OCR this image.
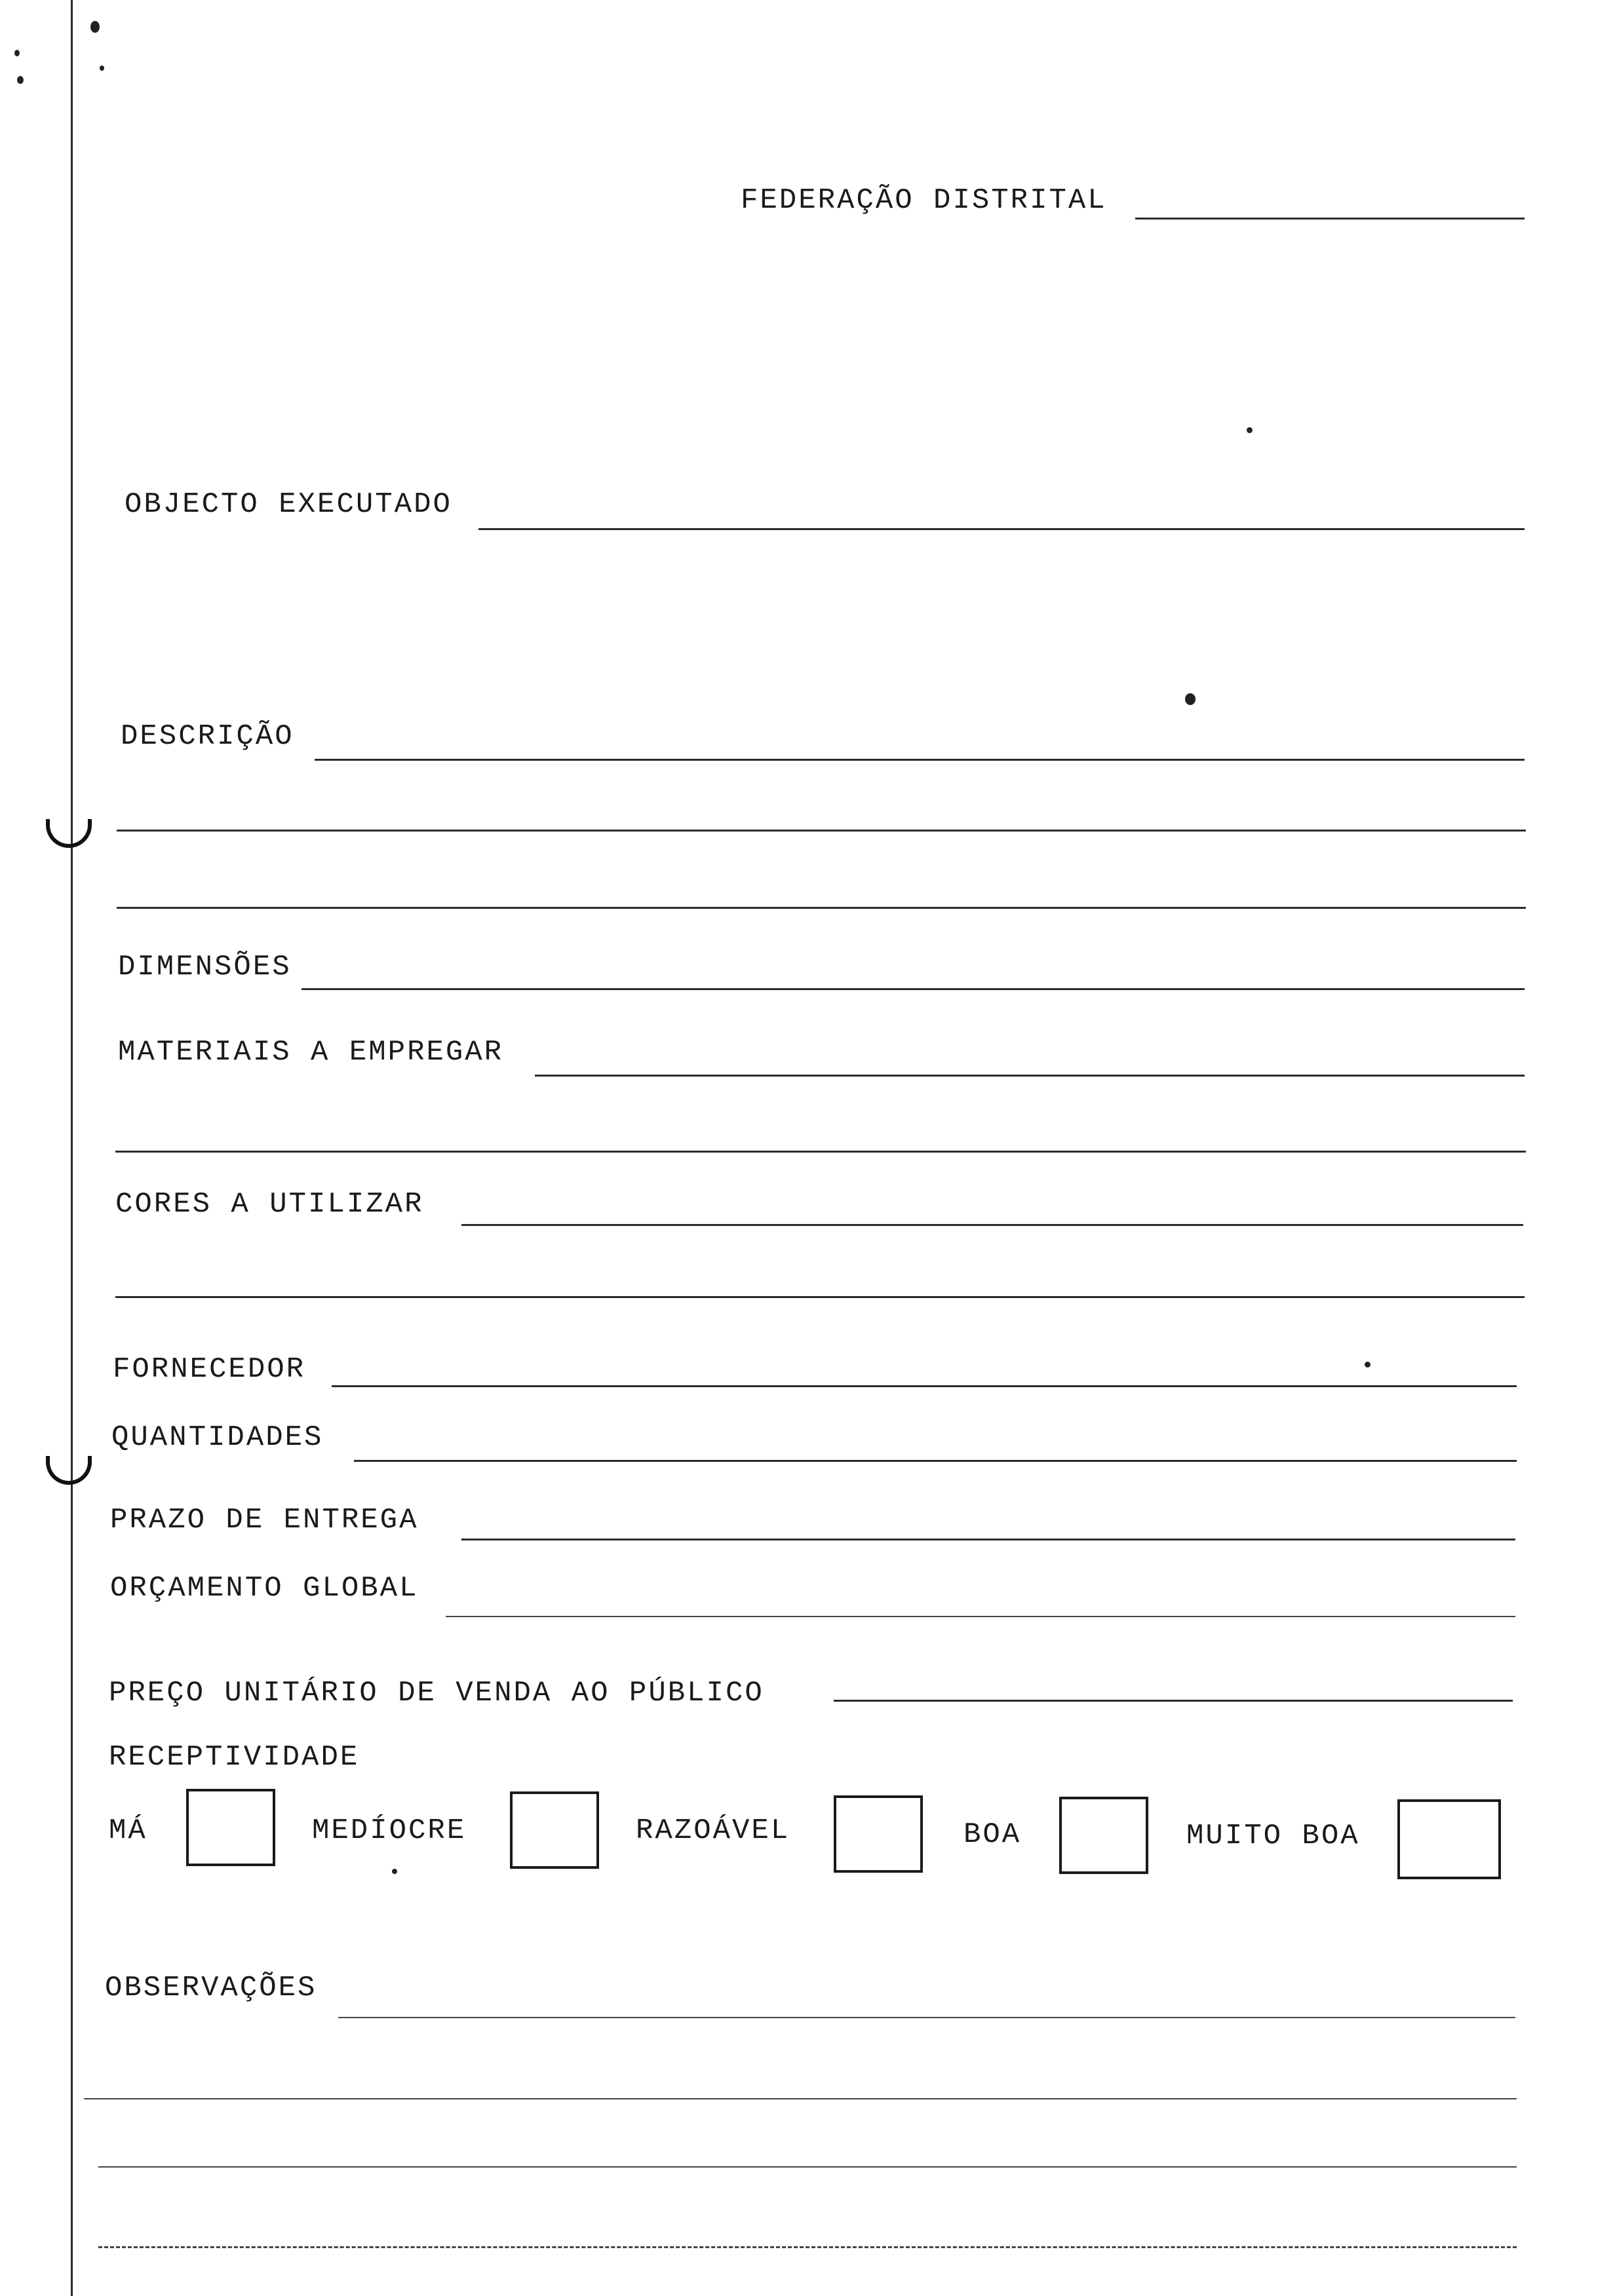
FEDERAÇÃO DISTRITAL
OBJECTO EXECUTADO
DESCRIÇÃO
DIMENSÕES
MATERIAIS A EMPREGAR
CORES A UTILIZAR
FORNECEDOR
QUANTIDADES
PRAZO DE ENTREGA
ORÇAMENTO GLOBAL
PREÇO UNITÁRIO DE VENDA AO PÚBLICO
RECEPTIVIDADE
MÁ	MEDÍOCRE	RAZOÁVEL	BOA	MUITO BOA
OBSERVAÇÕES
